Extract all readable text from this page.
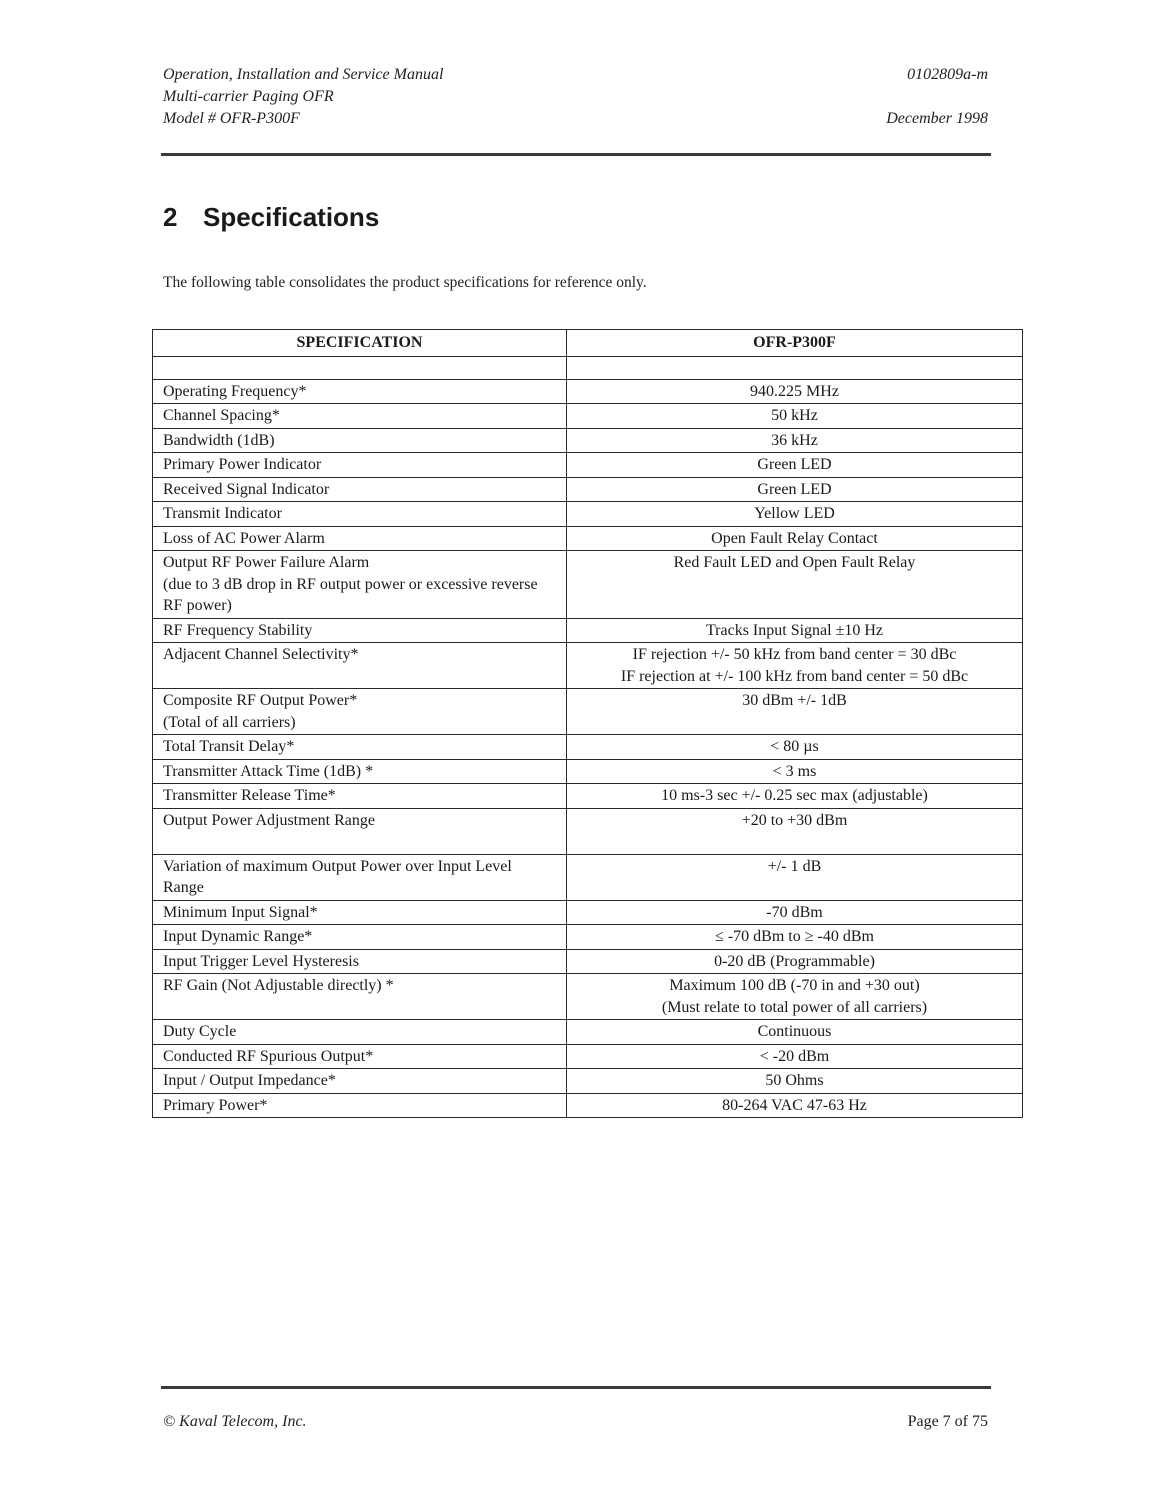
Operation, Installation and Service Manual
Multi-carrier Paging OFR
Model # OFR-P300F
0102809a-m
December 1998
2 Specifications
The following table consolidates the product specifications for reference only.
SPECIFICATION	OFR-P300F

Operating Frequency*	940.225 MHz

Channel Spacing*	50 kHz

Bandwidth (1dB)	36 kHz

Primary Power Indicator	Green LED

Received Signal Indicator	Green LED

Transmit Indicator	Yellow LED

Loss of AC Power Alarm	Open Fault Relay Contact

Output RF Power Failure Alarm
(due to 3 dB drop in RF output power or excessive reverse RF power)	Red Fault LED and Open Fault Relay

RF Frequency Stability	Tracks Input Signal ±10 Hz

Adjacent Channel Selectivity*	IF rejection +/- 50 kHz from band center = 30 dBc
IF rejection at +/- 100 kHz from band center = 50 dBc

Composite RF Output Power*
(Total of all carriers)	30 dBm +/- 1dB

Total Transit Delay*	< 80 µs

Transmitter Attack Time (1dB) *	< 3 ms

Transmitter Release Time*	10 ms-3 sec +/- 0.25 sec max (adjustable)

Output Power Adjustment Range	+20 to +30 dBm

Variation of maximum Output Power over Input Level Range	+/- 1 dB

Minimum Input Signal*	-70 dBm

Input Dynamic Range*	≤ -70 dBm to ≥ -40 dBm

Input Trigger Level Hysteresis	0-20 dB (Programmable)

RF Gain (Not Adjustable directly) *	Maximum 100 dB (-70 in and +30 out)
(Must relate to total power of all carriers)

Duty Cycle	Continuous

Conducted RF Spurious Output*	< -20 dBm

Input / Output Impedance*	50 Ohms

Primary Power*	80-264 VAC 47-63 Hz
© Kaval Telecom, Inc.	Page 7 of 75
